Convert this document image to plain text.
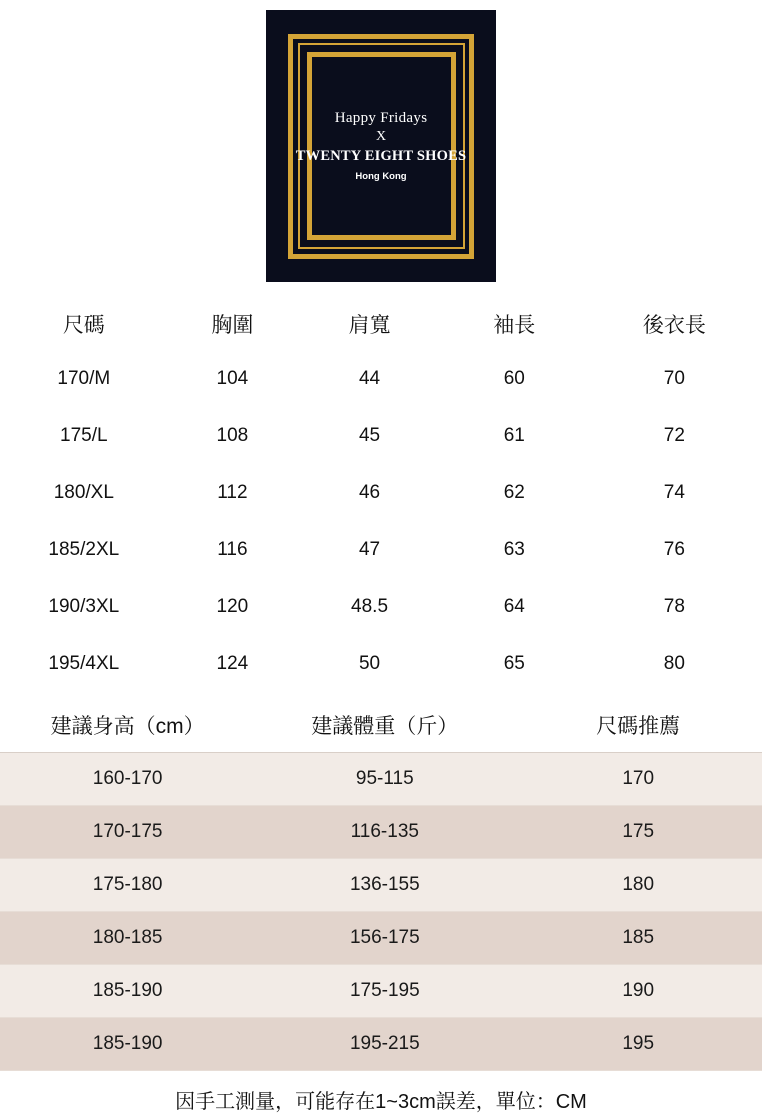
Happy Fridays
X
TWENTY EIGHT SHOES
Hong Kong
尺碼	胸圍	肩寬	袖長	後衣長
170/M	104	44	60	70
175/L	108	45	61	72
180/XL	112	46	62	74
185/2XL	116	47	63	76
190/3XL	120	48.5	64	78
195/4XL	124	50	65	80
建議身高（cm）	建議體重（斤）	尺碼推薦
160-170	95-115	170
170-175	116-135	175
175-180	136-155	180
180-185	156-175	185
185-190	175-195	190
185-190	195-215	195
因手工測量，可能存在1~3cm誤差，單位：CM
